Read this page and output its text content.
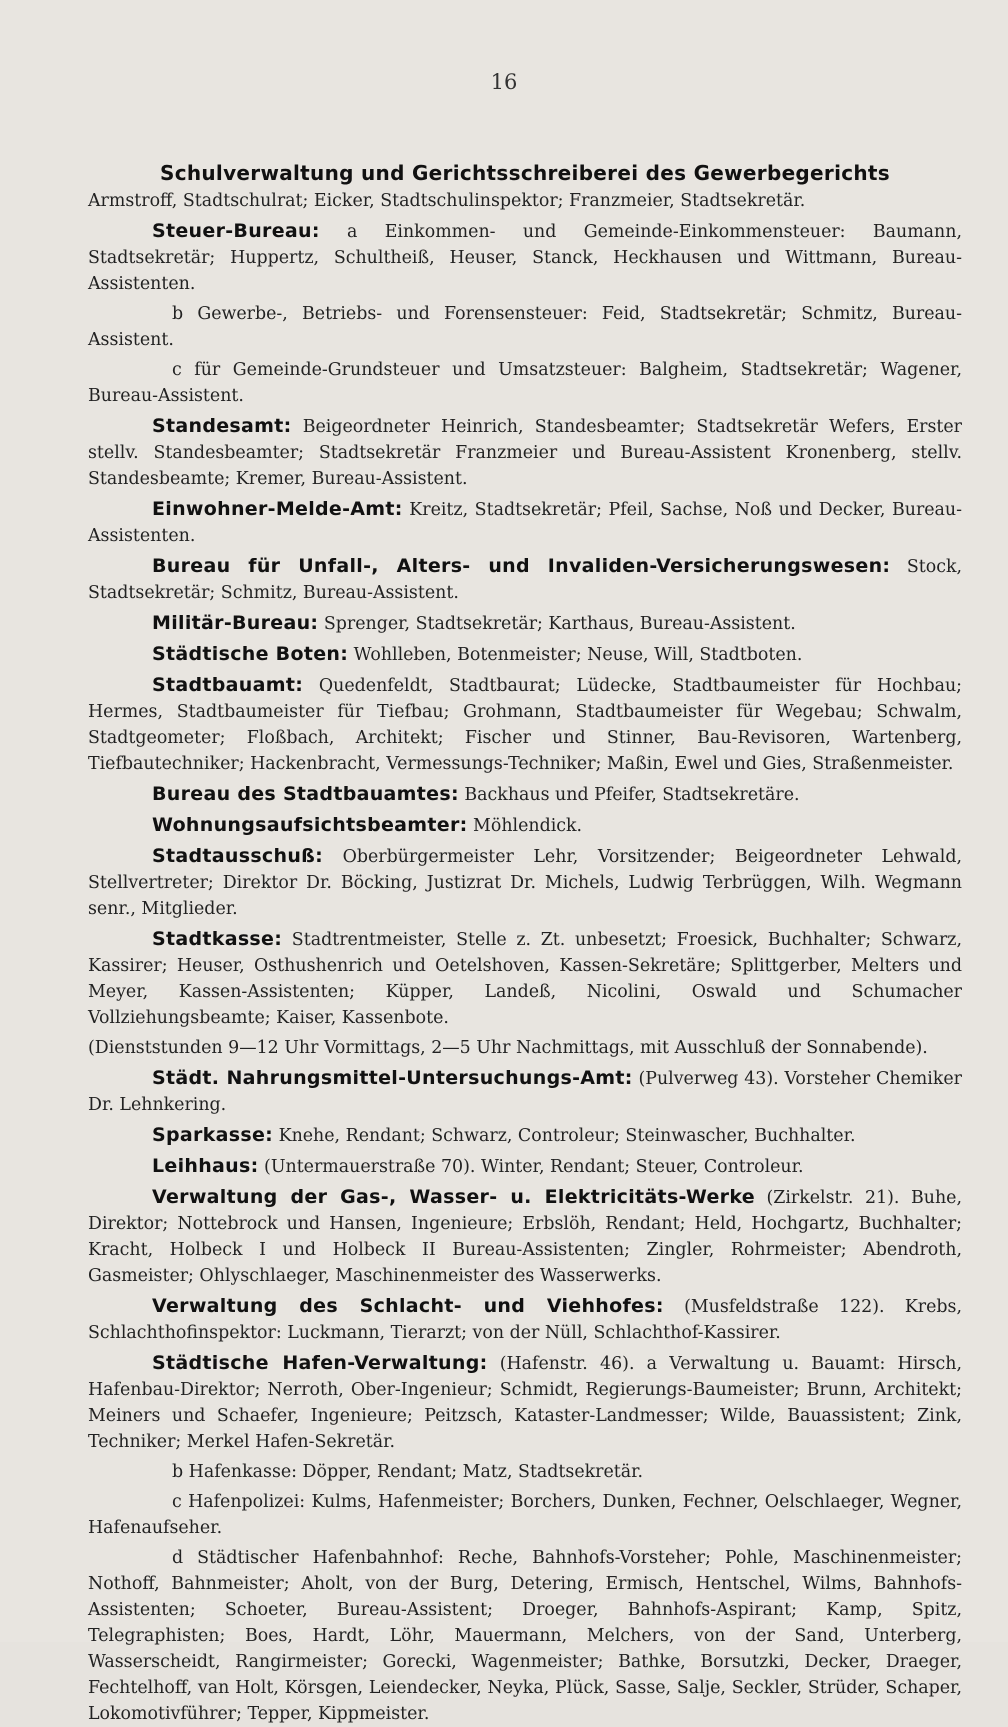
16

Schulverwaltung und Gerichtsschreiberei des Gewerbegerichts

Armstroff, Stadtschulrat; Eicker, Stadtschulinspektor; Franzmeier, Stadtsekretär.

Steuer-Bureau: a Einkommen- und Gemeinde-Einkommensteuer: Baumann, Stadtsekretär; Huppertz, Schultheiß, Heuser, Stanck, Heckhausen und Wittmann, Bureau-Assistenten.

b Gewerbe-, Betriebs- und Forensensteuer: Feid, Stadtsekretär; Schmitz, Bureau-Assistent.

c für Gemeinde-Grundsteuer und Umsatzsteuer: Balgheim, Stadtsekretär; Wagener, Bureau-Assistent.

Standesamt: Beigeordneter Heinrich, Standesbeamter; Stadtsekretär Wefers, Erster stellv. Standesbeamter; Stadtsekretär Franzmeier und Bureau-Assistent Kronenberg, stellv. Standesbeamte; Kremer, Bureau-Assistent.

Einwohner-Melde-Amt: Kreitz, Stadtsekretär; Pfeil, Sachse, Noß und Decker, Bureau-Assistenten.

Bureau für Unfall-, Alters- und Invaliden-Versicherungswesen: Stock, Stadtsekretär; Schmitz, Bureau-Assistent.

Militär-Bureau: Sprenger, Stadtsekretär; Karthaus, Bureau-Assistent.

Städtische Boten: Wohlleben, Botenmeister; Neuse, Will, Stadtboten.

Stadtbauamt: Quedenfeldt, Stadtbaurat; Lüdecke, Stadtbaumeister für Hochbau; Hermes, Stadtbaumeister für Tiefbau; Grohmann, Stadtbaumeister für Wegebau; Schwalm, Stadtgeometer; Floßbach, Architekt; Fischer und Stinner, Bau-Revisoren, Wartenberg, Tiefbautechniker; Hackenbracht, Vermessungs-Techniker; Maßin, Ewel und Gies, Straßenmeister.

Bureau des Stadtbauamtes: Backhaus und Pfeifer, Stadtsekretäre.

Wohnungsaufsichtsbeamter: Möhlendick.

Stadtausschuß: Oberbürgermeister Lehr, Vorsitzender; Beigeordneter Lehwald, Stellvertreter; Direktor Dr. Böcking, Justizrat Dr. Michels, Ludwig Terbrüggen, Wilh. Wegmann senr., Mitglieder.

Stadtkasse: Stadtrentmeister, Stelle z. Zt. unbesetzt; Froesick, Buchhalter; Schwarz, Kassirer; Heuser, Osthushenrich und Oetelshoven, Kassen-Sekretäre; Splittgerber, Melters und Meyer, Kassen-Assistenten; Küpper, Landeß, Nicolini, Oswald und Schumacher Vollziehungsbeamte; Kaiser, Kassenbote.

(Dienststunden 9—12 Uhr Vormittags, 2—5 Uhr Nachmittags, mit Ausschluß der Sonnabende).

Städt. Nahrungsmittel-Untersuchungs-Amt: (Pulverweg 43). Vorsteher Chemiker Dr. Lehnkering.

Sparkasse: Knehe, Rendant; Schwarz, Controleur; Steinwascher, Buchhalter.

Leihhaus: (Untermauerstraße 70). Winter, Rendant; Steuer, Controleur.

Verwaltung der Gas-, Wasser- u. Elektricitäts-Werke (Zirkelstr. 21). Buhe, Direktor; Nottebrock und Hansen, Ingenieure; Erbslöh, Rendant; Held, Hochgartz, Buchhalter; Kracht, Holbeck I und Holbeck II Bureau-Assistenten; Zingler, Rohrmeister; Abendroth, Gasmeister; Ohlyschlaeger, Maschinenmeister des Wasserwerks.

Verwaltung des Schlacht- und Viehhofes: (Musfeldstraße 122). Krebs, Schlachthofinspektor: Luckmann, Tierarzt; von der Nüll, Schlachthof-Kassirer.

Städtische Hafen-Verwaltung: (Hafenstr. 46). a Verwaltung u. Bauamt: Hirsch, Hafenbau-Direktor; Nerroth, Ober-Ingenieur; Schmidt, Regierungs-Baumeister; Brunn, Architekt; Meiners und Schaefer, Ingenieure; Peitzsch, Kataster-Landmesser; Wilde, Bauassistent; Zink, Techniker; Merkel Hafen-Sekretär.

b Hafenkasse: Döpper, Rendant; Matz, Stadtsekretär.

c Hafenpolizei: Kulms, Hafenmeister; Borchers, Dunken, Fechner, Oelschlaeger, Wegner, Hafenaufseher.

d Städtischer Hafenbahnhof: Reche, Bahnhofs-Vorsteher; Pohle, Maschinenmeister; Nothoff, Bahnmeister; Aholt, von der Burg, Detering, Ermisch, Hentschel, Wilms, Bahnhofs-Assistenten; Schoeter, Bureau-Assistent; Droeger, Bahnhofs-Aspirant; Kamp, Spitz, Telegraphisten; Boes, Hardt, Löhr, Mauermann, Melchers, von der Sand, Unterberg, Wasserscheidt, Rangirmeister; Gorecki, Wagenmeister; Bathke, Borsutzki, Decker, Draeger, Fechtelhoff, van Holt, Körsgen, Leiendecker, Neyka, Plück, Sasse, Salje, Seckler, Strüder, Schaper, Lokomotivführer; Tepper, Kippmeister.
